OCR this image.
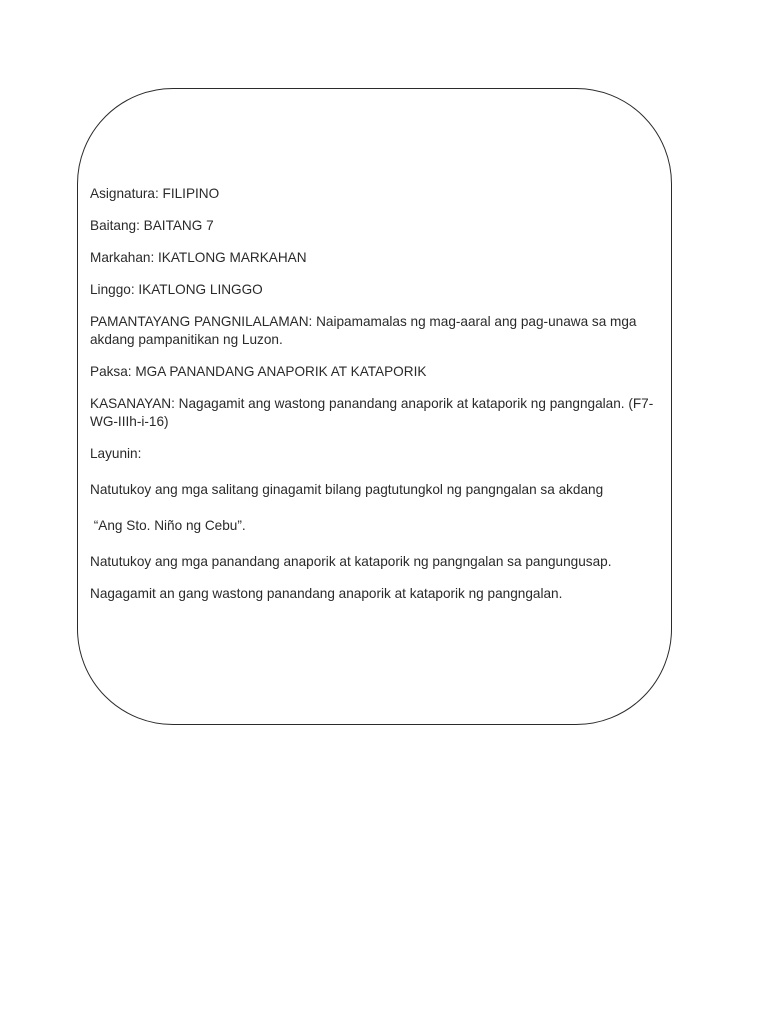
Asignatura: FILIPINO

Baitang: BAITANG 7

Markahan: IKATLONG MARKAHAN

Linggo: IKATLONG LINGGO

PAMANTAYANG PANGNILALAMAN: Naipamamalas ng mag-aaral ang pag-unawa sa mga akdang pampanitikan ng Luzon.

Paksa: MGA PANANDANG ANAPORIK AT KATAPORIK

KASANAYAN: Nagagamit ang wastong panandang anaporik at kataporik ng pangngalan. (F7-WG-IIIh-i-16)

Layunin:

Natutukoy ang mga salitang ginagamit bilang pagtutungkol ng pangngalan sa akdang

“Ang Sto. Niño ng Cebu”.

Natutukoy ang mga panandang anaporik at kataporik ng pangngalan sa pangungusap.

Nagagamit an gang wastong panandang anaporik at kataporik ng pangngalan.
